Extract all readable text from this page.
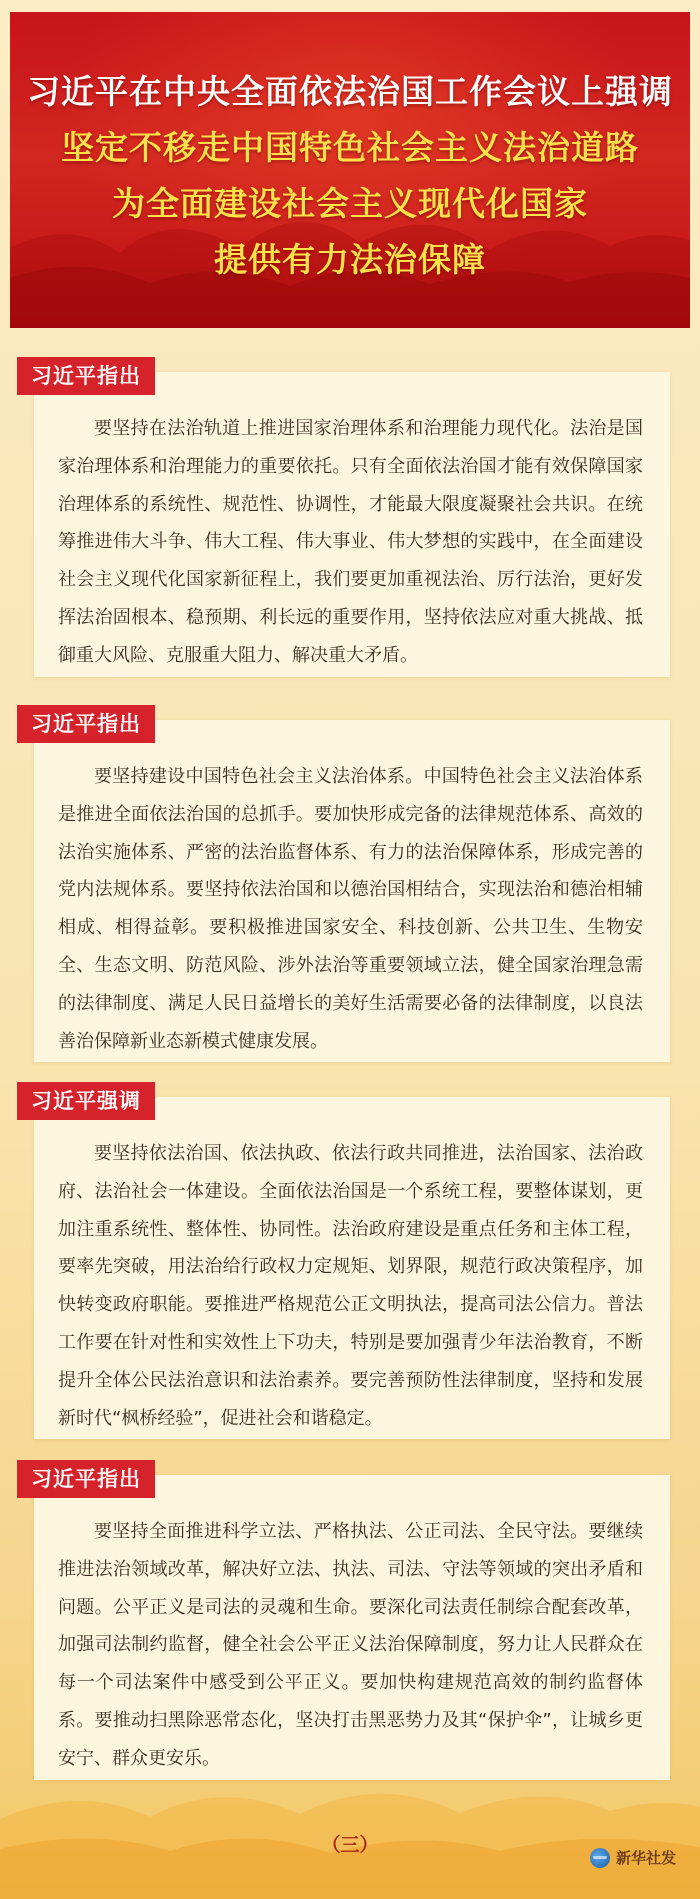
习近平在中央全面依法治国工作会议上强调
坚定不移走中国特色社会主义法治道路
为全面建设社会主义现代化国家
提供有力法治保障
习近平指出

要坚持在法治轨道上推进国家治理体系和治理能力现代化。法治是国家治理体系和治理能力的重要依托。只有全面依法治国才能有效保障国家治理体系的系统性、规范性、协调性，才能最大限度凝聚社会共识。在统筹推进伟大斗争、伟大工程、伟大事业、伟大梦想的实践中，在全面建设社会主义现代化国家新征程上，我们要更加重视法治、厉行法治，更好发挥法治固根本、稳预期、利长远的重要作用，坚持依法应对重大挑战、抵御重大风险、克服重大阻力、解决重大矛盾。

习近平指出

要坚持建设中国特色社会主义法治体系。中国特色社会主义法治体系是推进全面依法治国的总抓手。要加快形成完备的法律规范体系、高效的法治实施体系、严密的法治监督体系、有力的法治保障体系，形成完善的党内法规体系。要坚持依法治国和以德治国相结合，实现法治和德治相辅相成、相得益彰。要积极推进国家安全、科技创新、公共卫生、生物安全、生态文明、防范风险、涉外法治等重要领域立法，健全国家治理急需的法律制度、满足人民日益增长的美好生活需要必备的法律制度，以良法善治保障新业态新模式健康发展。

习近平强调

要坚持依法治国、依法执政、依法行政共同推进，法治国家、法治政府、法治社会一体建设。全面依法治国是一个系统工程，要整体谋划，更加注重系统性、整体性、协同性。法治政府建设是重点任务和主体工程，要率先突破，用法治给行政权力定规矩、划界限，规范行政决策程序，加快转变政府职能。要推进严格规范公正文明执法，提高司法公信力。普法工作要在针对性和实效性上下功夫，特别是要加强青少年法治教育，不断提升全体公民法治意识和法治素养。要完善预防性法律制度，坚持和发展新时代“枫桥经验”，促进社会和谐稳定。

习近平指出

要坚持全面推进科学立法、严格执法、公正司法、全民守法。要继续推进法治领域改革，解决好立法、执法、司法、守法等领域的突出矛盾和问题。公平正义是司法的灵魂和生命。要深化司法责任制综合配套改革，加强司法制约监督，健全社会公平正义法治保障制度，努力让人民群众在每一个司法案件中感受到公平正义。要加快构建规范高效的制约监督体系。要推动扫黑除恶常态化，坚决打击黑恶势力及其“保护伞”，让城乡更安宁、群众更安乐。

（三）
新华社发
